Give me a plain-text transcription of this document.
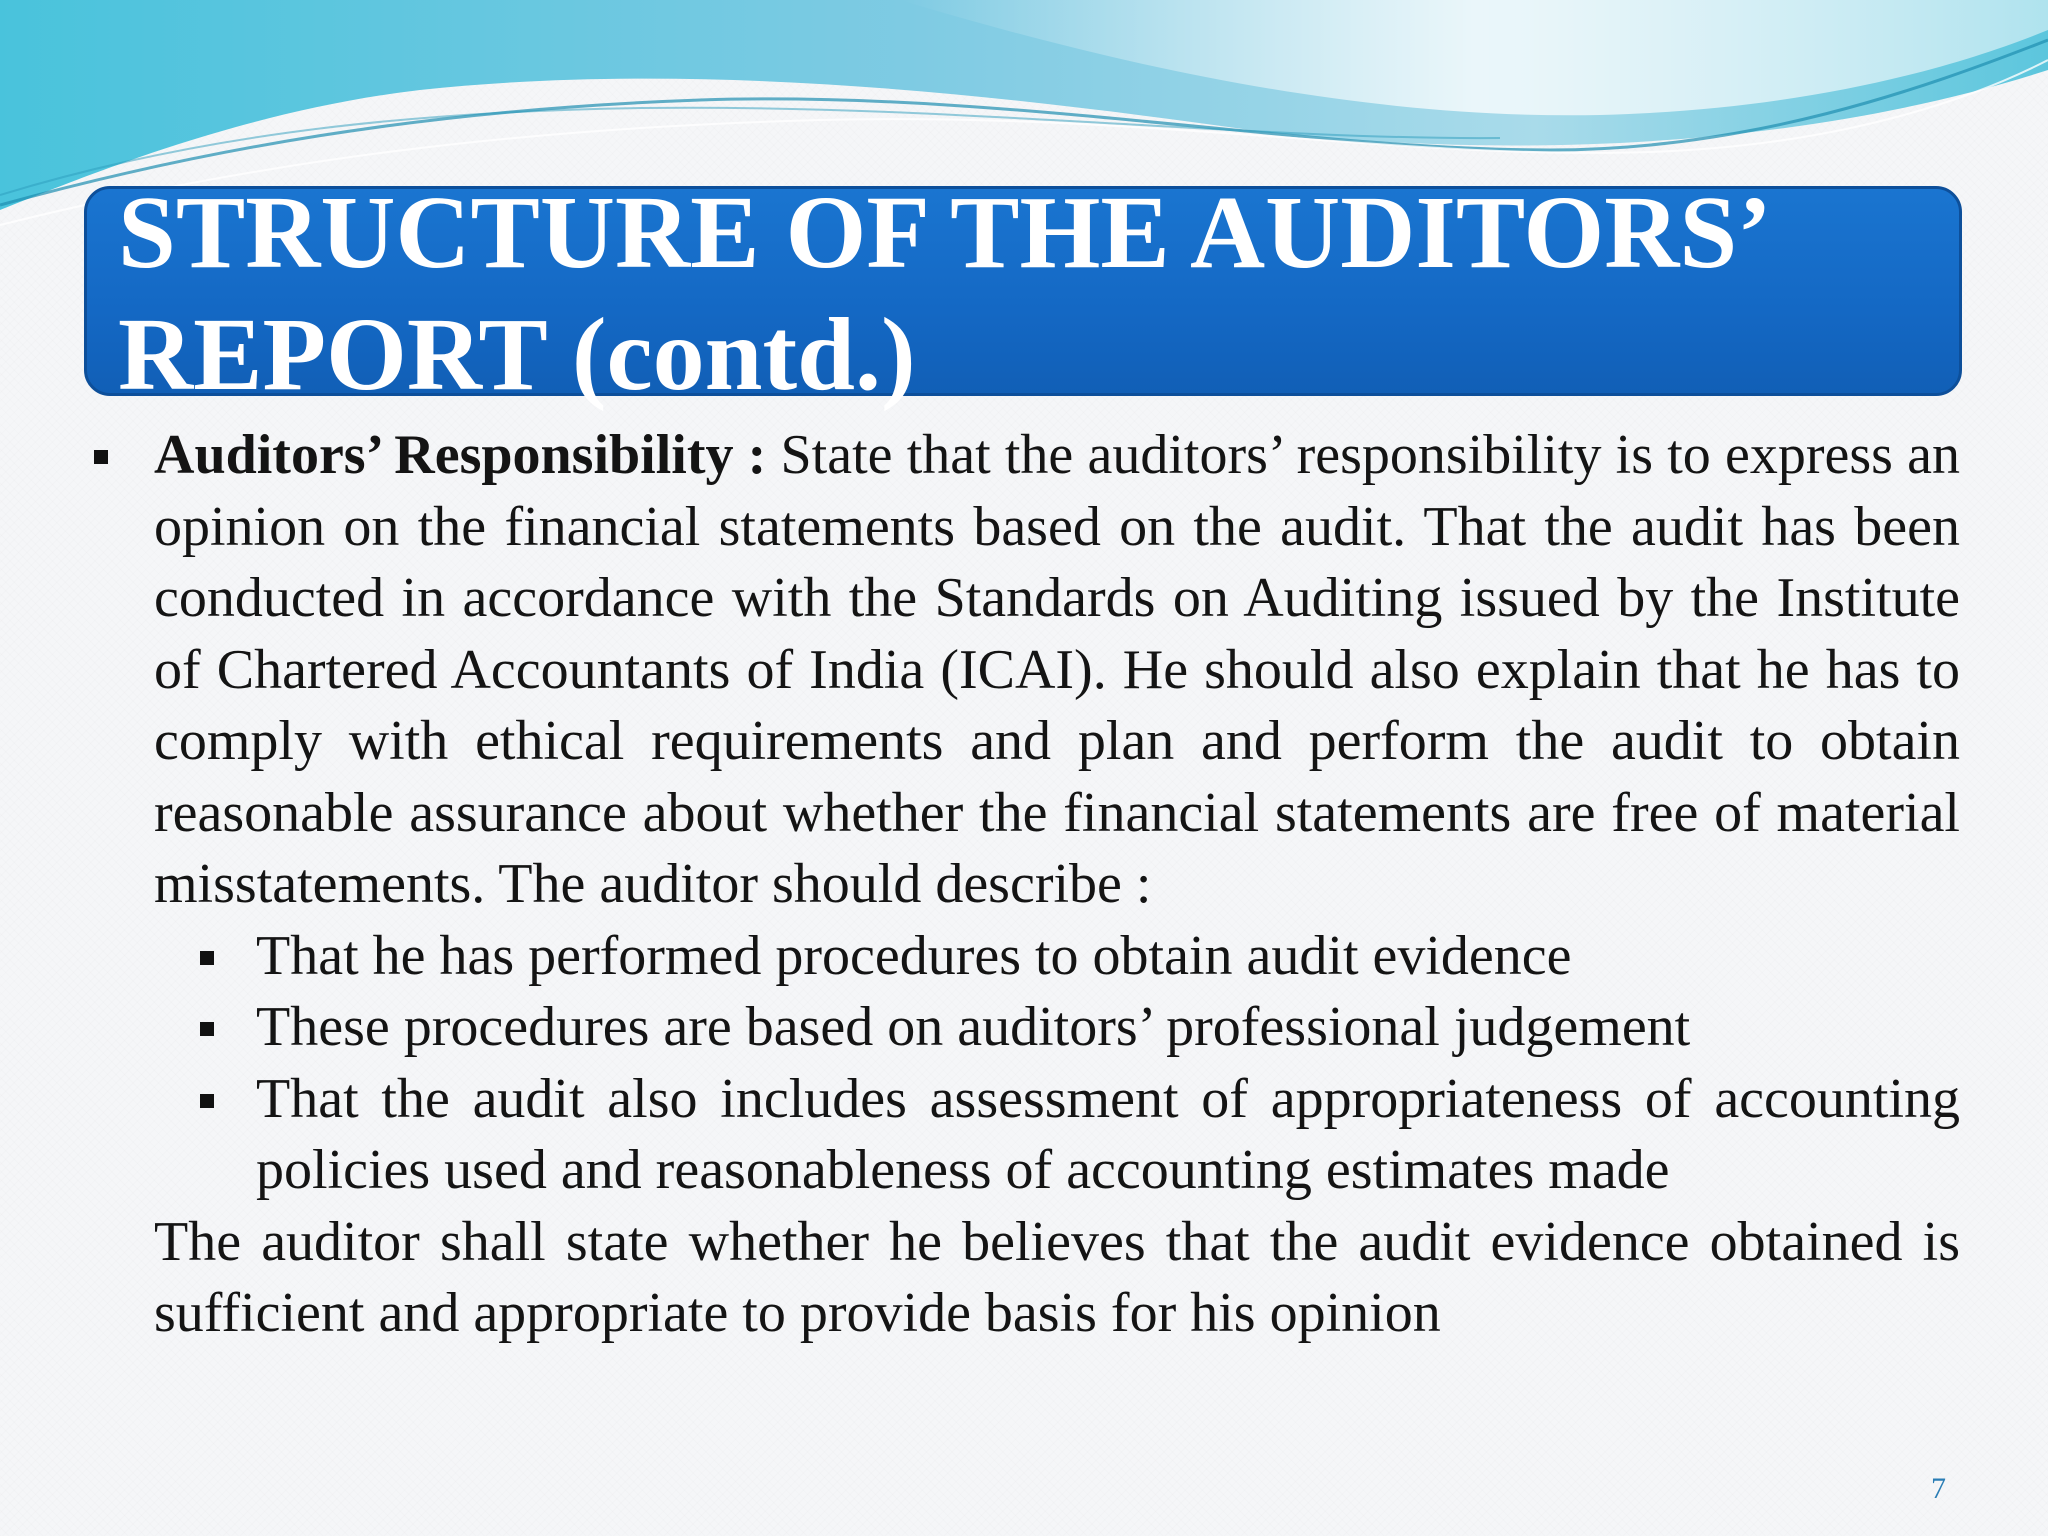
STRUCTURE OF THE AUDITORS’
REPORT (contd.)

Auditors’ Responsibility : State that the auditors’ responsibility is to express an opinion on the financial statements based on the audit. That the audit has been conducted in accordance with the Standards on Auditing issued by the Institute of Chartered Accountants of India (ICAI). He should also explain that he has to comply with ethical requirements and plan and perform the audit to obtain reasonable assurance about whether the financial statements are free of material misstatements. The auditor should describe :

That he has performed procedures to obtain audit evidence
These procedures are based on auditors’ professional judgement
That the audit also includes assessment of appropriateness of accounting policies used and reasonableness of accounting estimates made

The auditor shall state whether he believes that the audit evidence obtained is sufficient and appropriate to provide basis for his opinion

7
